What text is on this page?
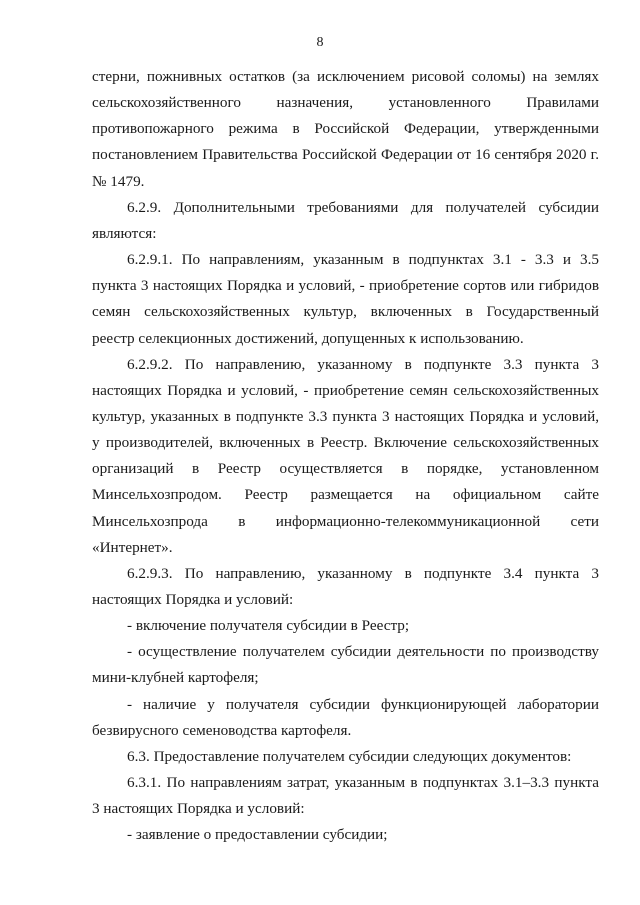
8
стерни, пожнивных остатков (за исключением рисовой соломы) на землях
сельскохозяйственного назначения, установленного Правилами
противопожарного режима в Российской Федерации, утвержденными
постановлением Правительства Российской Федерации от 16 сентября 2020 г.
№ 1479.
6.2.9. Дополнительными требованиями для получателей субсидии
являются:
6.2.9.1. По направлениям, указанным в подпунктах 3.1 - 3.3 и 3.5
пункта 3 настоящих Порядка и условий, - приобретение сортов или гибридов
семян сельскохозяйственных культур, включенных в Государственный
реестр селекционных достижений, допущенных к использованию.
6.2.9.2. По направлению, указанному в подпункте 3.3 пункта 3
настоящих Порядка и условий, - приобретение семян сельскохозяйственных
культур, указанных в подпункте 3.3 пункта 3 настоящих Порядка и условий,
у производителей, включенных в Реестр. Включение сельскохозяйственных
организаций в Реестр осуществляется в порядке, установленном
Минсельхозпродом. Реестр размещается на официальном сайте
Минсельхозпрода в информационно-телекоммуникационной сети
«Интернет».
6.2.9.3. По направлению, указанному в подпункте 3.4 пункта 3
настоящих Порядка и условий:
- включение получателя субсидии в Реестр;
- осуществление получателем субсидии деятельности по производству
мини-клубней картофеля;
- наличие у получателя субсидии функционирующей лаборатории
безвирусного семеноводства картофеля.
6.3. Предоставление получателем субсидии следующих документов:
6.3.1. По направлениям затрат, указанным в подпунктах 3.1–3.3 пункта
3 настоящих Порядка и условий:
- заявление о предоставлении субсидии;
